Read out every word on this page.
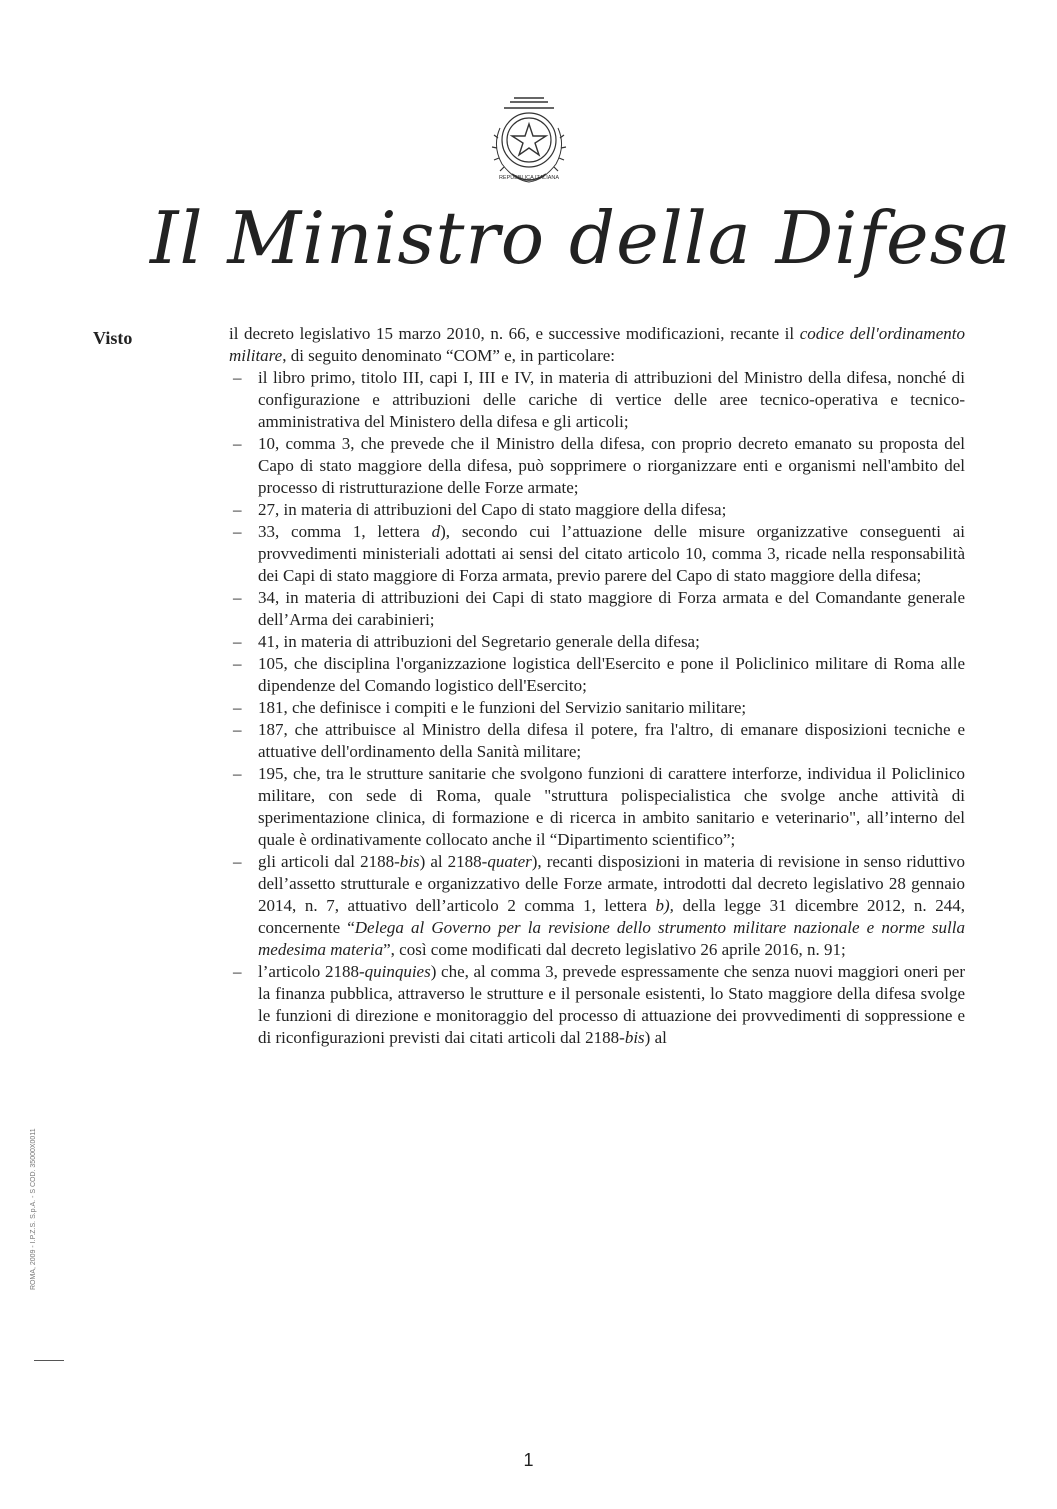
REPUBBLICA ITALIANA
Il Ministro della Difesa
Visto	il decreto legislativo 15 marzo 2010, n. 66, e successive modificazioni, recante il codice dell'ordinamento militare, di seguito denominato “COM” e, in particolare:

– il libro primo, titolo III, capi I, III e IV, in materia di attribuzioni del Ministro della difesa, nonché di configurazione e attribuzioni delle cariche di vertice delle aree tecnico-operativa e tecnico-amministrativa del Ministero della difesa e gli articoli;
– 10, comma 3, che prevede che il Ministro della difesa, con proprio decreto emanato su proposta del Capo di stato maggiore della difesa, può sopprimere o riorganizzare enti e organismi nell'ambito del processo di ristrutturazione delle Forze armate;
– 27, in materia di attribuzioni del Capo di stato maggiore della difesa;
– 33, comma 1, lettera d), secondo cui l’attuazione delle misure organizzative conseguenti ai provvedimenti ministeriali adottati ai sensi del citato articolo 10, comma 3, ricade nella responsabilità dei Capi di stato maggiore di Forza armata, previo parere del Capo di stato maggiore della difesa;
– 34, in materia di attribuzioni dei Capi di stato maggiore di Forza armata e del Comandante generale dell’Arma dei carabinieri;
– 41, in materia di attribuzioni del Segretario generale della difesa;
– 105, che disciplina l'organizzazione logistica dell'Esercito e pone il Policlinico militare di Roma alle dipendenze del Comando logistico dell'Esercito;
– 181, che definisce i compiti e le funzioni del Servizio sanitario militare;
– 187, che attribuisce al Ministro della difesa il potere, fra l'altro, di emanare disposizioni tecniche e attuative dell'ordinamento della Sanità militare;
– 195, che, tra le strutture sanitarie che svolgono funzioni di carattere interforze, individua il Policlinico militare, con sede di Roma, quale "struttura polispecialistica che svolge anche attività di sperimentazione clinica, di formazione e di ricerca in ambito sanitario e veterinario", all’interno del quale è ordinativamente collocato anche il “Dipartimento scientifico”;
– gli articoli dal 2188-bis) al 2188-quater), recanti disposizioni in materia di revisione in senso riduttivo dell’assetto strutturale e organizzativo delle Forze armate, introdotti dal decreto legislativo 28 gennaio 2014, n. 7, attuativo dell’articolo 2 comma 1, lettera b), della legge 31 dicembre 2012, n. 244, concernente “Delega al Governo per la revisione dello strumento militare nazionale e norme sulla medesima materia”, così come modificati dal decreto legislativo 26 aprile 2016, n. 91;
– l’articolo 2188-quinquies) che, al comma 3, prevede espressamente che senza nuovi maggiori oneri per la finanza pubblica, attraverso le strutture e il personale esistenti, lo Stato maggiore della difesa svolge le funzioni di direzione e monitoraggio del processo di attuazione dei provvedimenti di soppressione e di riconfigurazioni previsti dai citati articoli dal 2188-bis) al
ROMA, 2009 - I.P.Z.S. S.p.A. - S COD. 35000X0011
1
